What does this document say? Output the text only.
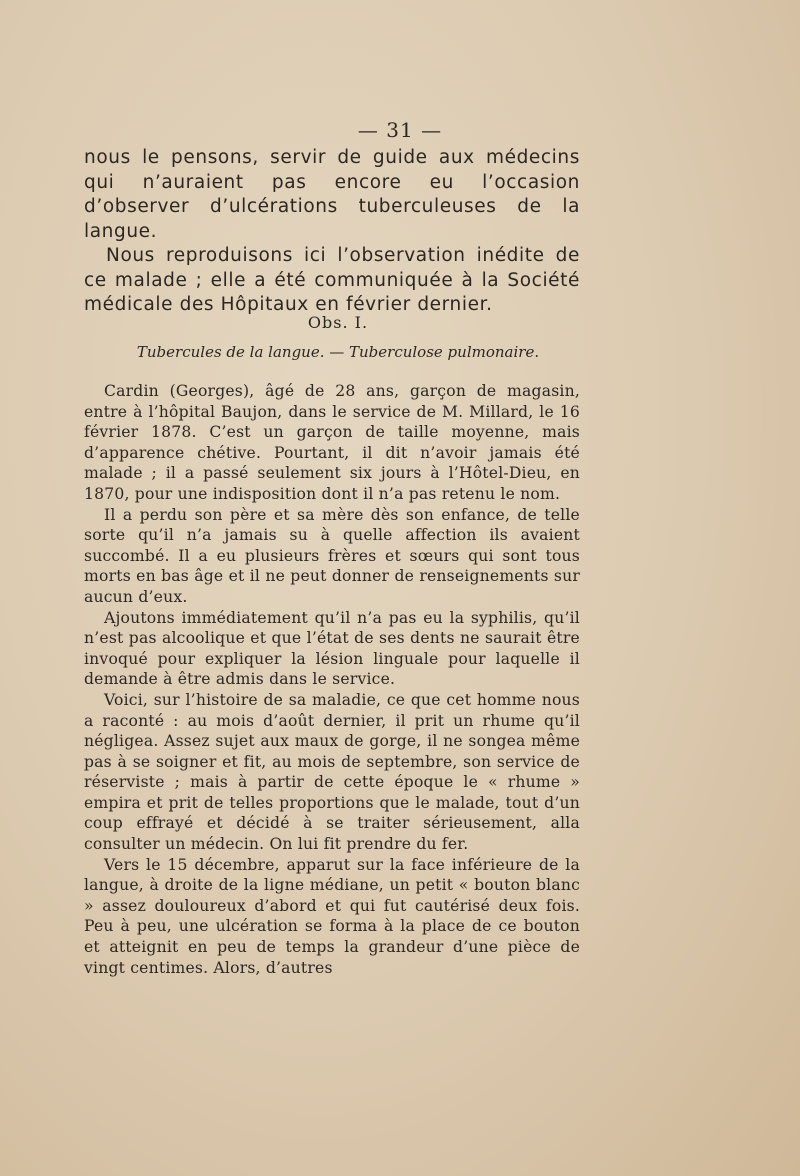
— 31 —

nous le pensons, servir de guide aux médecins qui n’auraient pas encore eu l’occasion d’observer d’ulcérations tuberculeuses de la langue.

Nous reproduisons ici l’observation inédite de ce malade ; elle a été communiquée à la Société médicale des Hôpitaux en février dernier.

Obs. I.
Tubercules de la langue. — Tuberculose pulmonaire.

Cardin (Georges), âgé de 28 ans, garçon de magasin, entre à l’hôpital Baujon, dans le service de M. Millard, le 16 février 1878. C’est un garçon de taille moyenne, mais d’apparence chétive. Pourtant, il dit n’avoir jamais été malade ; il a passé seulement six jours à l’Hôtel-Dieu, en 1870, pour une indisposition dont il n’a pas retenu le nom.

Il a perdu son père et sa mère dès son enfance, de telle sorte qu’il n’a jamais su à quelle affection ils avaient succombé. Il a eu plusieurs frères et sœurs qui sont tous morts en bas âge et il ne peut donner de renseignements sur aucun d’eux.

Ajoutons immédiatement qu’il n’a pas eu la syphilis, qu’il n’est pas alcoolique et que l’état de ses dents ne saurait être invoqué pour expliquer la lésion linguale pour laquelle il demande à être admis dans le service.

Voici, sur l’histoire de sa maladie, ce que cet homme nous a raconté : au mois d’août dernier, il prit un rhume qu’il négligea. Assez sujet aux maux de gorge, il ne songea même pas à se soigner et fit, au mois de septembre, son service de réserviste ; mais à partir de cette époque le « rhume » empira et prit de telles proportions que le malade, tout d’un coup effrayé et décidé à se traiter sérieusement, alla consulter un médecin. On lui fit prendre du fer.

Vers le 15 décembre, apparut sur la face inférieure de la langue, à droite de la ligne médiane, un petit « bouton blanc » assez douloureux d’abord et qui fut cautérisé deux fois. Peu à peu, une ulcération se forma à la place de ce bouton et atteignit en peu de temps la grandeur d’une pièce de vingt centimes. Alors, d’autres
